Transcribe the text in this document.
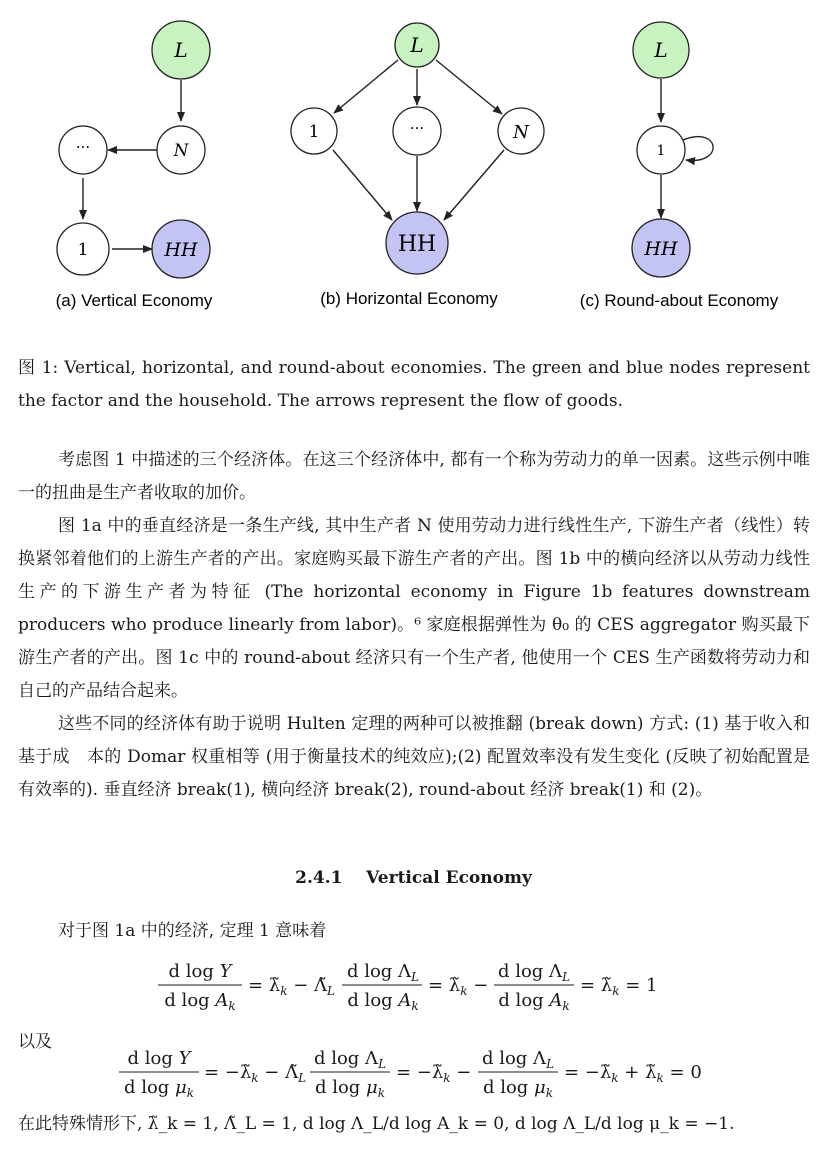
L
N
···
1	HH
(a) Vertical Economy
L
1	···	N
HH
(b) Horizontal Economy
L
1
HH
(c) Round-about Economy
图 1: Vertical, horizontal, and round-about economies. The green and blue nodes represent the factor and the household. The arrows represent the flow of goods.
考虑图 1 中描述的三个经济体。在这三个经济体中, 都有一个称为劳动力的单一因素。这些示例中唯一的扭曲是生产者收取的加价。
图 1a 中的垂直经济是一条生产线, 其中生产者 N 使用劳动力进行线性生产, 下游生产者（线性）转换紧邻着他们的上游生产者的产出。家庭购买最下游生产者的产出。图 1b 中的横向经济以从劳动力线性生产的下游生产者为特征 (The horizontal economy in Figure 1b features downstream producers who produce linearly from labor)。⁶ 家庭根据弹性为 θ₀ 的 CES aggregator 购买最下游生产者的产出。图 1c 中的 round-about 经济只有一个生产者, 他使用一个 CES 生产函数将劳动力和自己的产品结合起来。
这些不同的经济体有助于说明 Hulten 定理的两种可以被推翻 (break down) 方式: (1) 基于收入和基于成　本的 Domar 权重相等 (用于衡量技术的纯效应);(2) 配置效率没有发生变化 (反映了初始配置是有效率的). 垂直经济 break(1), 横向经济 break(2), round-about 经济 break(1) 和 (2)。
2.4.1 Vertical Economy
对于图 1a 中的经济, 定理 1 意味着
d log Y
d $\log A_k$
= $\lambdã_k$ − $\Lambdã_L$
d $\log \Lambda_L$
d $\log A_k$
= $\lambdã_k$ −
d $\log \Lambda_L$
d $\log A_k$
= $\lambdã_k = 1$
以及
d log Y
d $\log \mu_k$
= $-\lambdã_k$ − $\Lambdã_L$
d $\log \Lambda_L$
d $\log \mu_k$
= $-\lambdã_k$ −
d $\log \Lambda_L$
d $\log \mu_k$
= $-\lambdã_k$ + $\lambdã_k = 0$
在此特殊情形下, λ̃_k = 1, Λ̃_L = 1, d log Λ_L/d log A_k = 0, d log Λ_L/d log μ_k = −1.
